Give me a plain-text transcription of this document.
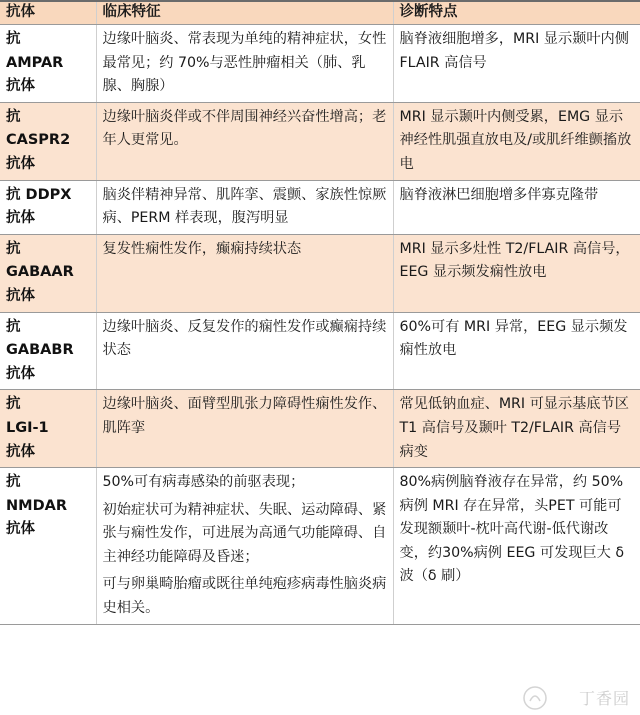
抗体	临床特征	诊断特点

抗
AMPAR
抗体	边缘叶脑炎、常表现为单纯的精神症状，女性最常见；约 70%与恶性肿瘤相关（肺、乳腺、胸腺）	脑脊液细胞增多，MRI 显示颞叶内侧 FLAIR 高信号

抗
CASPR2
抗体	边缘叶脑炎伴或不伴周围神经兴奋性增高；老年人更常见。	MRI 显示颞叶内侧受累，EMG 显示神经性肌强直放电及/或肌纤维颤搐放电

抗 DDPX
抗体	脑炎伴精神异常、肌阵挛、震颤、家族性惊厥病、PERM 样表现，腹泻明显	脑脊液淋巴细胞增多伴寡克隆带

抗
GABAAR
抗体	复发性痫性发作，癫痫持续状态	MRI 显示多灶性 T2/FLAIR 高信号，EEG 显示频发痫性放电

抗
GABABR
抗体	边缘叶脑炎、反复发作的痫性发作或癫痫持续状态	60%可有 MRI 异常，EEG 显示频发痫性放电

抗
LGI-1
抗体	边缘叶脑炎、面臂型肌张力障碍性痫性发作、肌阵挛	常见低钠血症、MRI 可显示基底节区 T1 高信号及颞叶 T2/FLAIR 高信号病变

抗
NMDAR
抗体	50%可有病毒感染的前驱表现；
初始症状可为精神症状、失眠、运动障碍、紧张与痫性发作，可进展为高通气功能障碍、自主神经功能障碍及昏迷；
可与卵巢畸胎瘤或既往单纯疱疹病毒性脑炎病史相关。	80%病例脑脊液存在异常，约 50% 病例 MRI 存在异常，头PET 可能可发现额颞叶-枕叶高代谢-低代谢改变，约30%病例 EEG 可发现巨大 δ 波（δ 刷）
丁香园
